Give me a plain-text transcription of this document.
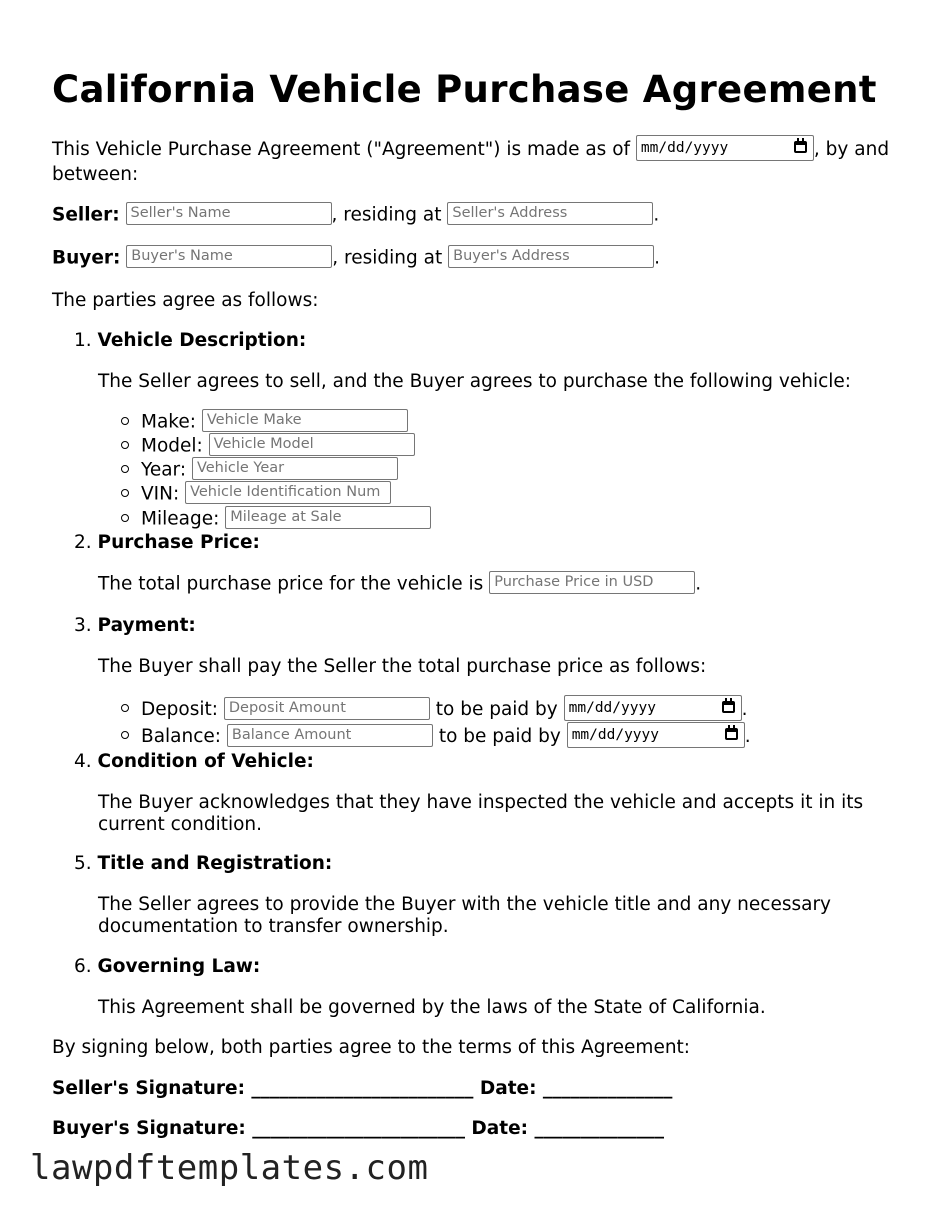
California Vehicle Purchase Agreement
This Vehicle Purchase Agreement ("Agreement") is made as of mm/dd/yyyy	, by and
between:
Seller: Seller's Name	, residing at Seller's Address	.
Buyer: Buyer's Name	, residing at Buyer's Address	.
The parties agree as follows:
1. Vehicle Description:
The Seller agrees to sell, and the Buyer agrees to purchase the following vehicle:
Make: Vehicle Make
Model: Vehicle Model
Year: Vehicle Year
VIN: Vehicle Identification Num
Mileage: Mileage at Sale
2. Purchase Price:
The total purchase price for the vehicle is Purchase Price in USD .
3. Payment:
The Buyer shall pay the Seller the total purchase price as follows:
Deposit: Deposit Amount	to be paid by mm/dd/yyyy	.
Balance: Balance Amount	to be paid by mm/dd/yyyy	.
4. Condition of Vehicle:
The Buyer acknowledges that they have inspected the vehicle and accepts it in its
current condition.
5. Title and Registration:
The Seller agrees to provide the Buyer with the vehicle title and any necessary
documentation to transfer ownership.
6. Governing Law:
This Agreement shall be governed by the laws of the State of California.
By signing below, both parties agree to the terms of this Agreement:
Seller's Signature: ________________________ Date: ______________
Buyer's Signature: _______________________ Date: ______________
lawpdftemplates.com
